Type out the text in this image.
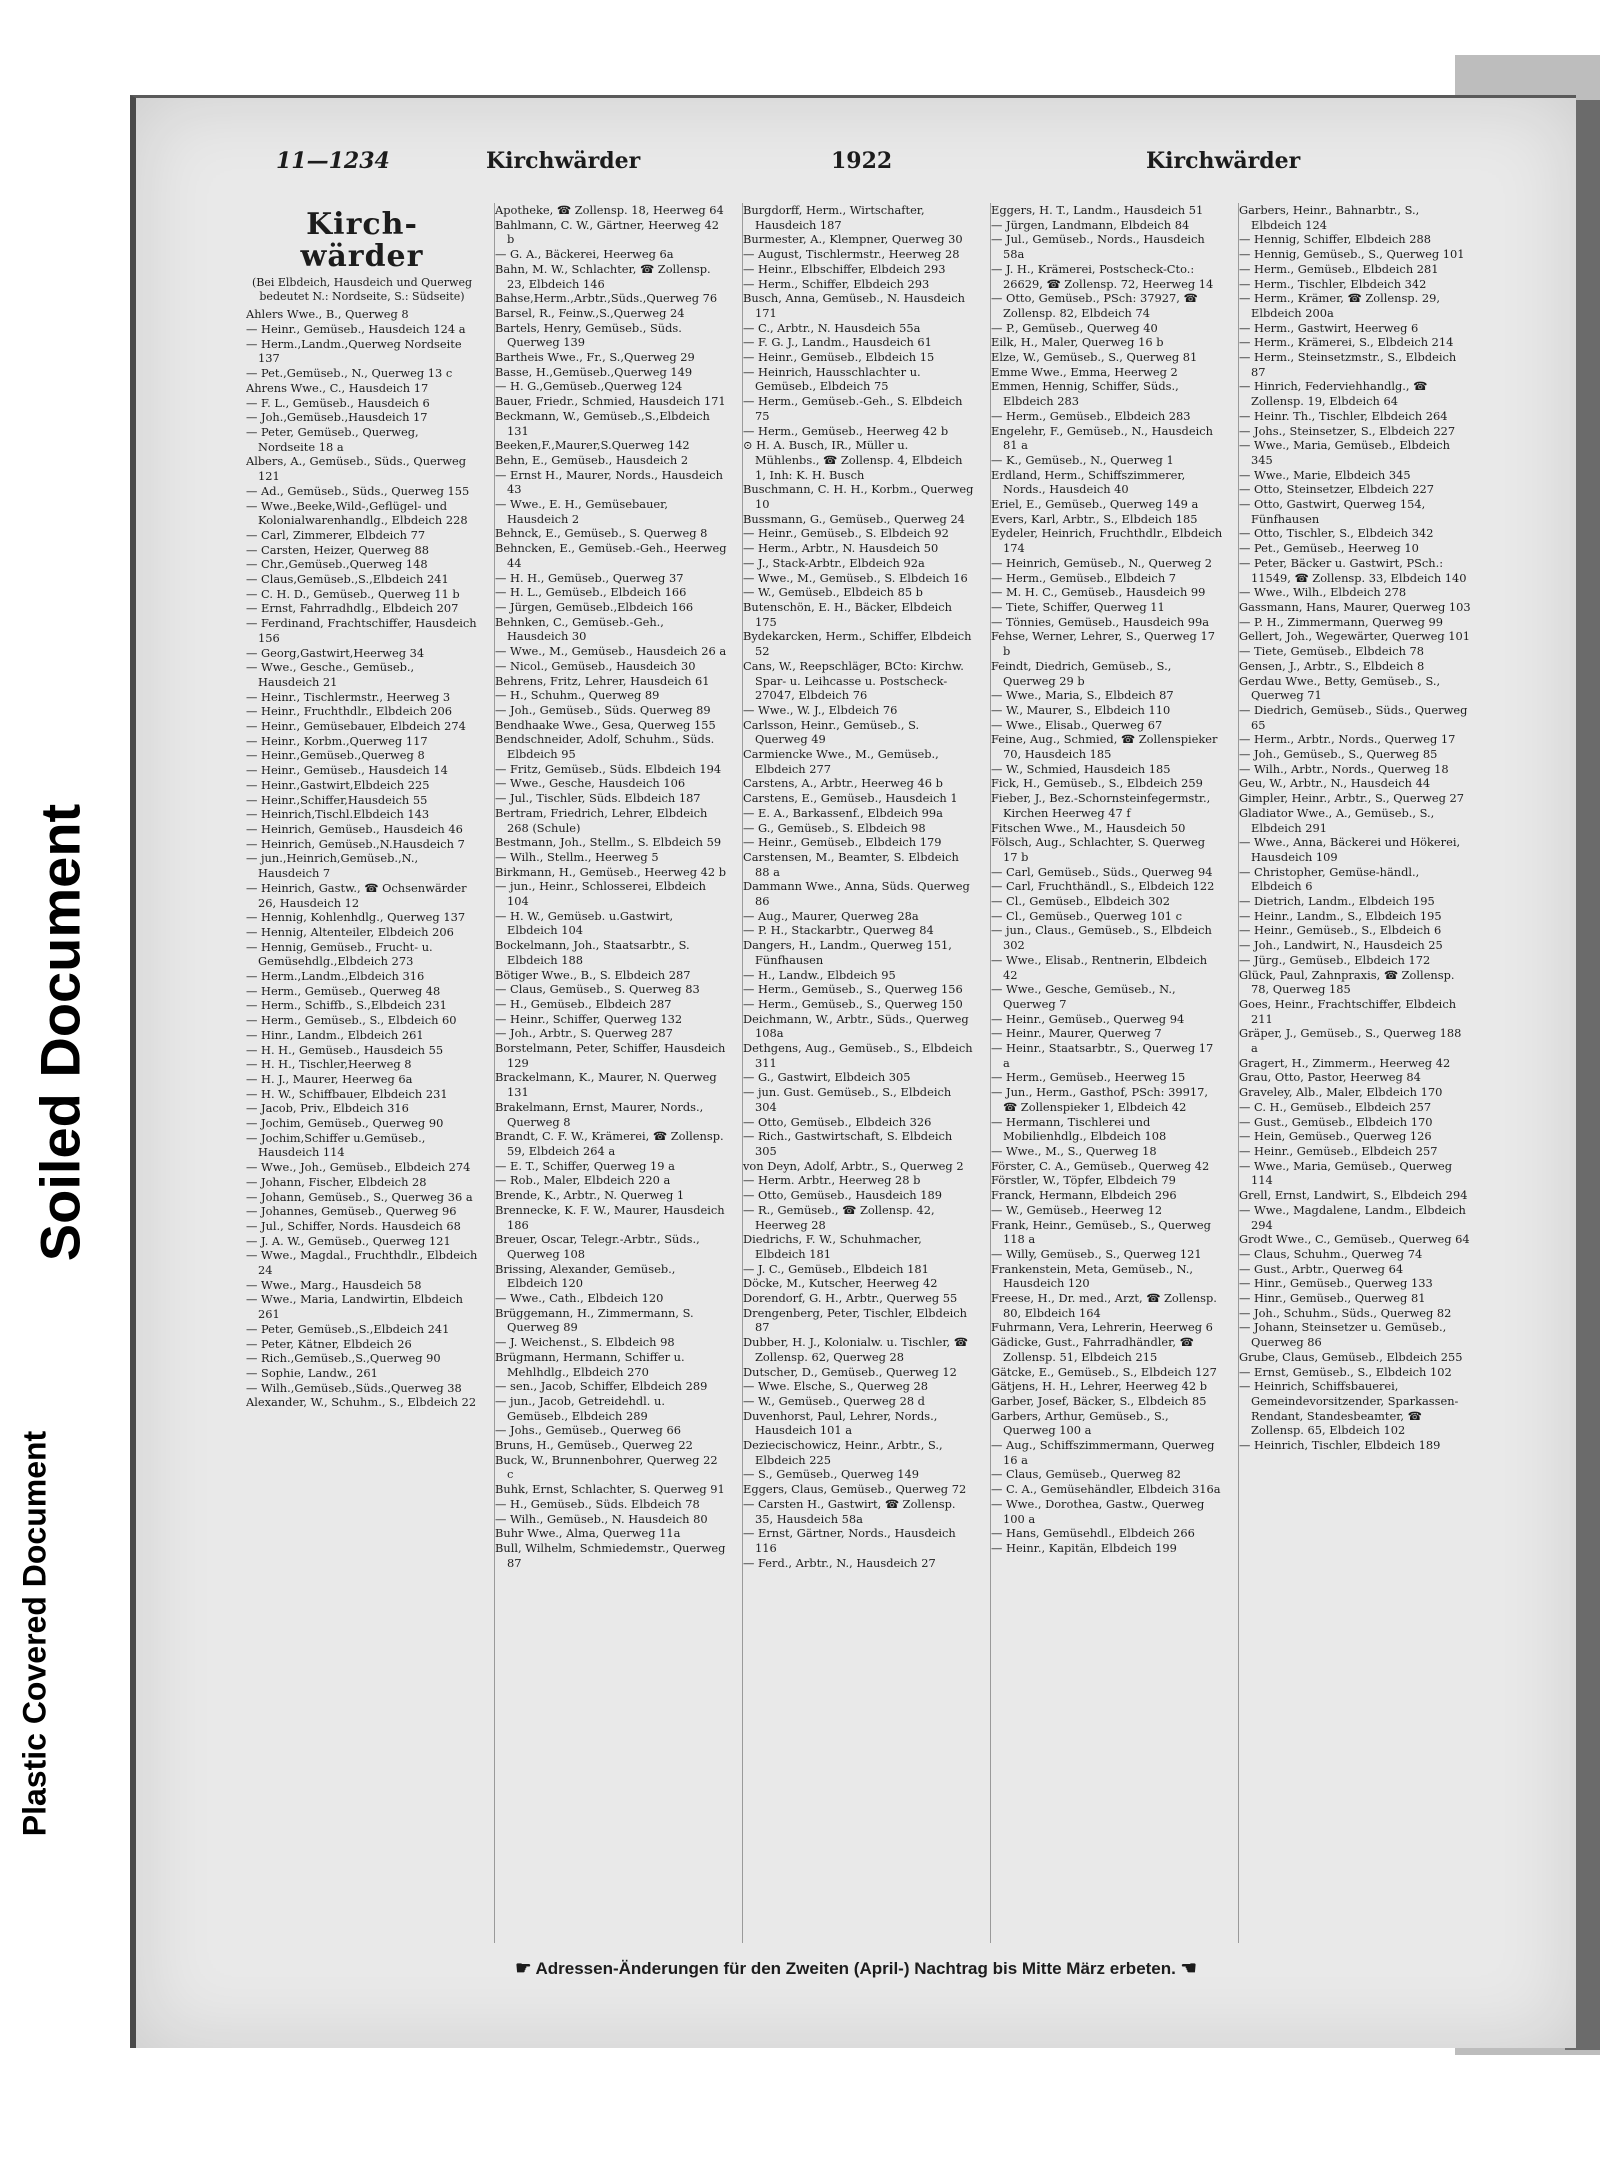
Soiled Document
Plastic Covered Document
11—1234	Kirchwärder	1922	Kirchwärder
Kirch-
wärder
(Bei Elbdeich, Hausdeich und Querweg bedeutet N.: Nordseite, S.: Südseite)

Ahlers Wwe., B., Querweg 8

— Heinr., Gemüseb., Hausdeich 124 a

— Herm.,Landm.,Querweg Nordseite 137

— Pet.,Gemüseb., N., Querweg 13 c

Ahrens Wwe., C., Hausdeich 17

— F. L., Gemüseb., Hausdeich 6

— Joh.,Gemüseb.,Hausdeich 17

— Peter, Gemüseb., Querweg, Nordseite 18 a

Albers, A., Gemüseb., Süds., Querweg 121

— Ad., Gemüseb., Süds., Querweg 155

— Wwe.,Beeke,Wild-,Geflügel- und Kolonialwarenhandlg., Elbdeich 228

— Carl, Zimmerer, Elbdeich 77

— Carsten, Heizer, Querweg 88

— Chr.,Gemüseb.,Querweg 148

— Claus,Gemüseb.,S.,Elbdeich 241

— C. H. D., Gemüseb., Querweg 11 b

— Ernst, Fahrradhdlg., Elbdeich 207

— Ferdinand, Frachtschiffer, Hausdeich 156

— Georg,Gastwirt,Heerweg 34

— Wwe., Gesche., Gemüseb., Hausdeich 21

— Heinr., Tischlermstr., Heerweg 3

— Heinr., Fruchthdlr., Elbdeich 206

— Heinr., Gemüsebauer, Elbdeich 274

— Heinr., Korbm.,Querweg 117

— Heinr.,Gemüseb.,Querweg 8

— Heinr., Gemüseb., Hausdeich 14

— Heinr.,Gastwirt,Elbdeich 225

— Heinr.,Schiffer,Hausdeich 55

— Heinrich,Tischl.Elbdeich 143

— Heinrich, Gemüseb., Hausdeich 46

— Heinrich, Gemüseb.,N.Hausdeich 7

— jun.,Heinrich,Gemüseb.,N., Hausdeich 7

— Heinrich, Gastw., ☎ Ochsenwärder 26, Hausdeich 12

— Hennig, Kohlenhdlg., Querweg 137

— Hennig, Altenteiler, Elbdeich 206

— Hennig, Gemüseb., Frucht- u. Gemüsehdlg.,Elbdeich 273

— Herm.,Landm.,Elbdeich 316

— Herm., Gemüseb., Querweg 48

— Herm., Schiffb., S.,Elbdeich 231

— Herm., Gemüseb., S., Elbdeich 60

— Hinr., Landm., Elbdeich 261

— H. H., Gemüseb., Hausdeich 55

— H. H., Tischler,Heerweg 8

— H. J., Maurer, Heerweg 6a

— H. W., Schiffbauer, Elbdeich 231

— Jacob, Priv., Elbdeich 316

— Jochim, Gemüseb., Querweg 90

— Jochim,Schiffer u.Gemüseb., Hausdeich 114

— Wwe., Joh., Gemüseb., Elbdeich 274

— Johann, Fischer, Elbdeich 28

— Johann, Gemüseb., S., Querweg 36 a

— Johannes, Gemüseb., Querweg 96

— Jul., Schiffer, Nords. Hausdeich 68

— J. A. W., Gemüseb., Querweg 121

— Wwe., Magdal., Fruchthdlr., Elbdeich 24

— Wwe., Marg., Hausdeich 58

— Wwe., Maria, Landwirtin, Elbdeich 261

— Peter, Gemüseb.,S.,Elbdeich 241

— Peter, Kätner, Elbdeich 26

— Rich.,Gemüseb.,S.,Querweg 90

— Sophie, Landw., 261

— Wilh.,Gemüseb.,Süds.,Querweg 38

Alexander, W., Schuhm., S., Elbdeich 22

Apotheke, ☎ Zollensp. 18, Heerweg 64

Bahlmann, C. W., Gärtner, Heerweg 42 b

— G. A., Bäckerei, Heerweg 6a

Bahn, M. W., Schlachter, ☎ Zollensp. 23, Elbdeich 146

Bahse,Herm.,Arbtr.,Süds.,Querweg 76

Barsel, R., Feinw.,S.,Querweg 24

Bartels, Henry, Gemüseb., Süds. Querweg 139

Bartheis Wwe., Fr., S.,Querweg 29

Basse, H.,Gemüseb.,Querweg 149

— H. G.,Gemüseb.,Querweg 124

Bauer, Friedr., Schmied, Hausdeich 171

Beckmann, W., Gemüseb.,S.,Elbdeich 131

Beeken,F.,Maurer,S.Querweg 142

Behn, E., Gemüseb., Hausdeich 2

— Ernst H., Maurer, Nords., Hausdeich 43

— Wwe., E. H., Gemüsebauer, Hausdeich 2

Behnck, E., Gemüseb., S. Querweg 8

Behncken, E., Gemüseb.-Geh., Heerweg 44

— H. H., Gemüseb., Querweg 37

— H. L., Gemüseb., Elbdeich 166

— Jürgen, Gemüseb.,Elbdeich 166

Behnken, C., Gemüseb.-Geh., Hausdeich 30

— Wwe., M., Gemüseb., Hausdeich 26 a

— Nicol., Gemüseb., Hausdeich 30

Behrens, Fritz, Lehrer, Hausdeich 61

— H., Schuhm., Querweg 89

— Joh., Gemüseb., Süds. Querweg 89

Bendhaake Wwe., Gesa, Querweg 155

Bendschneider, Adolf, Schuhm., Süds. Elbdeich 95

— Fritz, Gemüseb., Süds. Elbdeich 194

— Wwe., Gesche, Hausdeich 106

— Jul., Tischler, Süds. Elbdeich 187

Bertram, Friedrich, Lehrer, Elbdeich 268 (Schule)

Bestmann, Joh., Stellm., S. Elbdeich 59

— Wilh., Stellm., Heerweg 5

Birkmann, H., Gemüseb., Heerweg 42 b

— jun., Heinr., Schlosserei, Elbdeich 104

— H. W., Gemüseb. u.Gastwirt, Elbdeich 104

Bockelmann, Joh., Staatsarbtr., S. Elbdeich 188

Bötiger Wwe., B., S. Elbdeich 287

— Claus, Gemüseb., S. Querweg 83

— H., Gemüseb., Elbdeich 287

— Heinr., Schiffer, Querweg 132

— Joh., Arbtr., S. Querweg 287

Borstelmann, Peter, Schiffer, Hausdeich 129

Brackelmann, K., Maurer, N. Querweg 131

Brakelmann, Ernst, Maurer, Nords., Querweg 8

Brandt, C. F. W., Krämerei, ☎ Zollensp. 59, Elbdeich 264 a

— E. T., Schiffer, Querweg 19 a

— Rob., Maler, Elbdeich 220 a

Brende, K., Arbtr., N. Querweg 1

Brennecke, K. F. W., Maurer, Hausdeich 186

Breuer, Oscar, Telegr.-Arbtr., Süds., Querweg 108

Brissing, Alexander, Gemüseb., Elbdeich 120

— Wwe., Cath., Elbdeich 120

Brüggemann, H., Zimmermann, S. Querweg 89

— J. Weichenst., S. Elbdeich 98

Brügmann, Hermann, Schiffer u. Mehlhdlg., Elbdeich 270

— sen., Jacob, Schiffer, Elbdeich 289

— jun., Jacob, Getreidehdl. u. Gemüseb., Elbdeich 289

— Johs., Gemüseb., Querweg 66

Bruns, H., Gemüseb., Querweg 22

Buck, W., Brunnenbohrer, Querweg 22 c

Buhk, Ernst, Schlachter, S. Querweg 91

— H., Gemüseb., Süds. Elbdeich 78

— Wilh., Gemüseb., N. Hausdeich 80

Buhr Wwe., Alma, Querweg 11a

Bull, Wilhelm, Schmiedemstr., Querweg 87

Burgdorff, Herm., Wirtschafter, Hausdeich 187

Burmester, A., Klempner, Querweg 30

— August, Tischlermstr., Heerweg 28

— Heinr., Elbschiffer, Elbdeich 293

— Herm., Schiffer, Elbdeich 293

Busch, Anna, Gemüseb., N. Hausdeich 171

— C., Arbtr., N. Hausdeich 55a

— F. G. J., Landm., Hausdeich 61

— Heinr., Gemüseb., Elbdeich 15

— Heinrich, Hausschlachter u. Gemüseb., Elbdeich 75

— Herm., Gemüseb.-Geh., S. Elbdeich 75

— Herm., Gemüseb., Heerweg 42 b

⊙ H. A. Busch, IR., Müller u. Mühlenbs., ☎ Zollensp. 4, Elbdeich 1, Inh: K. H. Busch

Buschmann, C. H. H., Korbm., Querweg 10

Bussmann, G., Gemüseb., Querweg 24

— Heinr., Gemüseb., S. Elbdeich 92

— Herm., Arbtr., N. Hausdeich 50

— J., Stack-Arbtr., Elbdeich 92a

— Wwe., M., Gemüseb., S. Elbdeich 16

— W., Gemüseb., Elbdeich 85 b

Butenschön, E. H., Bäcker, Elbdeich 175

Bydekarcken, Herm., Schiffer, Elbdeich 52

Cans, W., Reepschläger, BCto: Kirchw. Spar- u. Leihcasse u. Postscheck- 27047, Elbdeich 76

— Wwe., W. J., Elbdeich 76

Carlsson, Heinr., Gemüseb., S. Querweg 49

Carmiencke Wwe., M., Gemüseb., Elbdeich 277

Carstens, A., Arbtr., Heerweg 46 b

Carstens, E., Gemüseb., Hausdeich 1

— E. A., Barkassenf., Elbdeich 99a

— G., Gemüseb., S. Elbdeich 98

— Heinr., Gemüseb., Elbdeich 179

Carstensen, M., Beamter, S. Elbdeich 88 a

Dammann Wwe., Anna, Süds. Querweg 86

— Aug., Maurer, Querweg 28a

— P. H., Stackarbtr., Querweg 84

Dangers, H., Landm., Querweg 151, Fünfhausen

— H., Landw., Elbdeich 95

— Herm., Gemüseb., S., Querweg 156

— Herm., Gemüseb., S., Querweg 150

Deichmann, W., Arbtr., Süds., Querweg 108a

Dethgens, Aug., Gemüseb., S., Elbdeich 311

— G., Gastwirt, Elbdeich 305

— jun. Gust. Gemüseb., S., Elbdeich 304

— Otto, Gemüseb., Elbdeich 326

— Rich., Gastwirtschaft, S. Elbdeich 305

von Deyn, Adolf, Arbtr., S., Querweg 2

— Herm. Arbtr., Heerweg 28 b

— Otto, Gemüseb., Hausdeich 189

— R., Gemüseb., ☎ Zollensp. 42, Heerweg 28

Diedrichs, F. W., Schuhmacher, Elbdeich 181

— J. C., Gemüseb., Elbdeich 181

Döcke, M., Kutscher, Heerweg 42

Dorendorf, G. H., Arbtr., Querweg 55

Drengenberg, Peter, Tischler, Elbdeich 87

Dubber, H. J., Kolonialw. u. Tischler, ☎ Zollensp. 62, Querweg 28

Dutscher, D., Gemüseb., Querweg 12

— Wwe. Elsche, S., Querweg 28

— W., Gemüseb., Querweg 28 d

Duvenhorst, Paul, Lehrer, Nords., Hausdeich 101 a

Deziecischowicz, Heinr., Arbtr., S., Elbdeich 225

— S., Gemüseb., Querweg 149

Eggers, Claus, Gemüseb., Querweg 72

— Carsten H., Gastwirt, ☎ Zollensp. 35, Hausdeich 58a

— Ernst, Gärtner, Nords., Hausdeich 116

— Ferd., Arbtr., N., Hausdeich 27

Eggers, H. T., Landm., Hausdeich 51

— Jürgen, Landmann, Elbdeich 84

— Jul., Gemüseb., Nords., Hausdeich 58a

— J. H., Krämerei, Postscheck-Cto.: 26629, ☎ Zollensp. 72, Heerweg 14

— Otto, Gemüseb., PSch: 37927, ☎ Zollensp. 82, Elbdeich 74

— P., Gemüseb., Querweg 40

Eilk, H., Maler, Querweg 16 b

Elze, W., Gemüseb., S., Querweg 81

Emme Wwe., Emma, Heerweg 2

Emmen, Hennig, Schiffer, Süds., Elbdeich 283

— Herm., Gemüseb., Elbdeich 283

Engelehr, F., Gemüseb., N., Hausdeich 81 a

— K., Gemüseb., N., Querweg 1

Erdland, Herm., Schiffszimmerer, Nords., Hausdeich 40

Eriel, E., Gemüseb., Querweg 149 a

Evers, Karl, Arbtr., S., Elbdeich 185

Eydeler, Heinrich, Fruchthdlr., Elbdeich 174

— Heinrich, Gemüseb., N., Querweg 2

— Herm., Gemüseb., Elbdeich 7

— M. H. C., Gemüseb., Hausdeich 99

— Tiete, Schiffer, Querweg 11

— Tönnies, Gemüseb., Hausdeich 99a

Fehse, Werner, Lehrer, S., Querweg 17 b

Feindt, Diedrich, Gemüseb., S., Querweg 29 b

— Wwe., Maria, S., Elbdeich 87

— W., Maurer, S., Elbdeich 110

— Wwe., Elisab., Querweg 67

Feine, Aug., Schmied, ☎ Zollenspieker 70, Hausdeich 185

— W., Schmied, Hausdeich 185

Fick, H., Gemüseb., S., Elbdeich 259

Fieber, J., Bez.-Schornsteinfegermstr., Kirchen Heerweg 47 f

Fitschen Wwe., M., Hausdeich 50

Fölsch, Aug., Schlachter, S. Querweg 17 b

— Carl, Gemüseb., Süds., Querweg 94

— Carl, Fruchthändl., S., Elbdeich 122

— Cl., Gemüseb., Elbdeich 302

— Cl., Gemüseb., Querweg 101 c

— jun., Claus., Gemüseb., S., Elbdeich 302

— Wwe., Elisab., Rentnerin, Elbdeich 42

— Wwe., Gesche, Gemüseb., N., Querweg 7

— Heinr., Gemüseb., Querweg 94

— Heinr., Maurer, Querweg 7

— Heinr., Staatsarbtr., S., Querweg 17 a

— Herm., Gemüseb., Heerweg 15

— Jun., Herm., Gasthof, PSch: 39917, ☎ Zollenspieker 1, Elbdeich 42

— Hermann, Tischlerei und Mobilienhdlg., Elbdeich 108

— Wwe., M., S., Querweg 18

Förster, C. A., Gemüseb., Querweg 42

Förstler, W., Töpfer, Elbdeich 79

Franck, Hermann, Elbdeich 296

— W., Gemüseb., Heerweg 12

Frank, Heinr., Gemüseb., S., Querweg 118 a

— Willy, Gemüseb., S., Querweg 121

Frankenstein, Meta, Gemüseb., N., Hausdeich 120

Freese, H., Dr. med., Arzt, ☎ Zollensp. 80, Elbdeich 164

Fuhrmann, Vera, Lehrerin, Heerweg 6

Gädicke, Gust., Fahrradhändler, ☎ Zollensp. 51, Elbdeich 215

Gätcke, E., Gemüseb., S., Elbdeich 127

Gätjens, H. H., Lehrer, Heerweg 42 b

Garber, Josef, Bäcker, S., Elbdeich 85

Garbers, Arthur, Gemüseb., S., Querweg 100 a

— Aug., Schiffszimmermann, Querweg 16 a

— Claus, Gemüseb., Querweg 82

— C. A., Gemüsehändler, Elbdeich 316a

— Wwe., Dorothea, Gastw., Querweg 100 a

— Hans, Gemüsehdl., Elbdeich 266

— Heinr., Kapitän, Elbdeich 199

Garbers, Heinr., Bahnarbtr., S., Elbdeich 124

— Hennig, Schiffer, Elbdeich 288

— Hennig, Gemüseb., S., Querweg 101

— Herm., Gemüseb., Elbdeich 281

— Herm., Tischler, Elbdeich 342

— Herm., Krämer, ☎ Zollensp. 29, Elbdeich 200a

— Herm., Gastwirt, Heerweg 6

— Herm., Krämerei, S., Elbdeich 214

— Herm., Steinsetzmstr., S., Elbdeich 87

— Hinrich, Federviehhandlg., ☎ Zollensp. 19, Elbdeich 64

— Heinr. Th., Tischler, Elbdeich 264

— Johs., Steinsetzer, S., Elbdeich 227

— Wwe., Maria, Gemüseb., Elbdeich 345

— Wwe., Marie, Elbdeich 345

— Otto, Steinsetzer, Elbdeich 227

— Otto, Gastwirt, Querweg 154, Fünfhausen

— Otto, Tischler, S., Elbdeich 342

— Pet., Gemüseb., Heerweg 10

— Peter, Bäcker u. Gastwirt, PSch.: 11549, ☎ Zollensp. 33, Elbdeich 140

— Wwe., Wilh., Elbdeich 278

Gassmann, Hans, Maurer, Querweg 103

— P. H., Zimmermann, Querweg 99

Gellert, Joh., Wegewärter, Querweg 101

— Tiete, Gemüseb., Elbdeich 78

Gensen, J., Arbtr., S., Elbdeich 8

Gerdau Wwe., Betty, Gemüseb., S., Querweg 71

— Diedrich, Gemüseb., Süds., Querweg 65

— Herm., Arbtr., Nords., Querweg 17

— Joh., Gemüseb., S., Querweg 85

— Wilh., Arbtr., Nords., Querweg 18

Geu, W., Arbtr., N., Hausdeich 44

Gimpler, Heinr., Arbtr., S., Querweg 27

Gladiator Wwe., A., Gemüseb., S., Elbdeich 291

— Wwe., Anna, Bäckerei und Hökerei, Hausdeich 109

— Christopher, Gemüse-händl., Elbdeich 6

— Dietrich, Landm., Elbdeich 195

— Heinr., Landm., S., Elbdeich 195

— Heinr., Gemüseb., S., Elbdeich 6

— Joh., Landwirt, N., Hausdeich 25

— Jürg., Gemüseb., Elbdeich 172

Glück, Paul, Zahnpraxis, ☎ Zollensp. 78, Querweg 185

Goes, Heinr., Frachtschiffer, Elbdeich 211

Gräper, J., Gemüseb., S., Querweg 188 a

Gragert, H., Zimmerm., Heerweg 42

Grau, Otto, Pastor, Heerweg 84

Graveley, Alb., Maler, Elbdeich 170

— C. H., Gemüseb., Elbdeich 257

— Gust., Gemüseb., Elbdeich 170

— Hein, Gemüseb., Querweg 126

— Heinr., Gemüseb., Elbdeich 257

— Wwe., Maria, Gemüseb., Querweg 114

Grell, Ernst, Landwirt, S., Elbdeich 294

— Wwe., Magdalene, Landm., Elbdeich 294

Grodt Wwe., C., Gemüseb., Querweg 64

— Claus, Schuhm., Querweg 74

— Gust., Arbtr., Querweg 64

— Hinr., Gemüseb., Querweg 133

— Hinr., Gemüseb., Querweg 81

— Joh., Schuhm., Süds., Querweg 82

— Johann, Steinsetzer u. Gemüseb., Querweg 86

Grube, Claus, Gemüseb., Elbdeich 255

— Ernst, Gemüseb., S., Elbdeich 102

— Heinrich, Schiffsbauerei, Gemeindevorsitzender, Sparkassen-Rendant, Standesbeamter, ☎ Zollensp. 65, Elbdeich 102

— Heinrich, Tischler, Elbdeich 189

☛ Adressen-Änderungen für den Zweiten (April-) Nachtrag bis Mitte März erbeten. ☚
